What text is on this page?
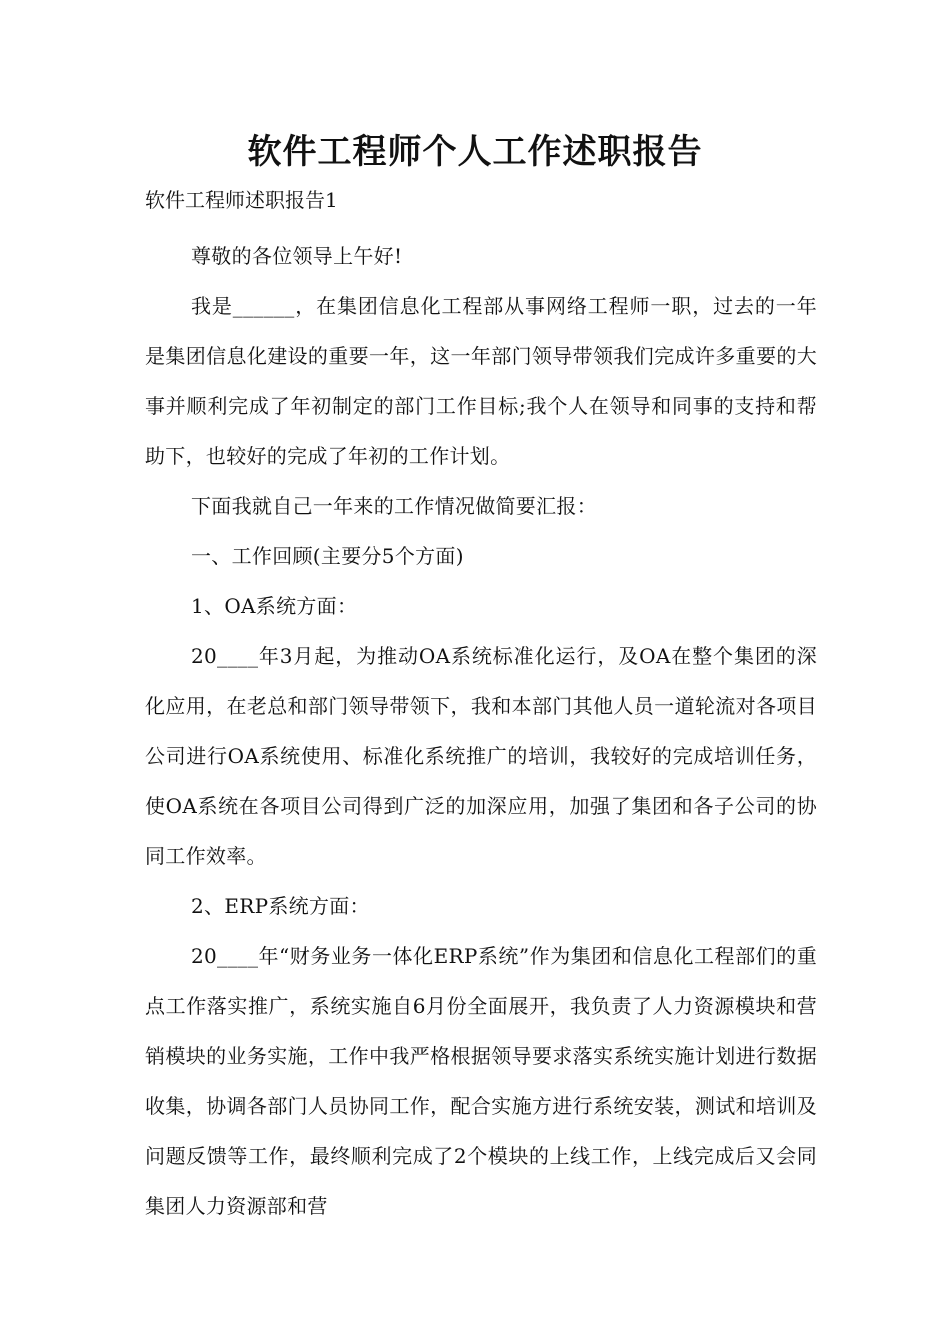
软件工程师个人工作述职报告

软件工程师述职报告1

尊敬的各位领导上午好!

我是______，在集团信息化工程部从事网络工程师一职，过去的一年是集团信息化建设的重要一年，这一年部门领导带领我们完成许多重要的大事并顺利完成了年初制定的部门工作目标;我个人在领导和同事的支持和帮助下，也较好的完成了年初的工作计划。

下面我就自己一年来的工作情况做简要汇报：

一、工作回顾(主要分5个方面)

1、OA系统方面：

20____年3月起，为推动OA系统标准化运行，及OA在整个集团的深化应用，在老总和部门领导带领下，我和本部门其他人员一道轮流对各项目公司进行OA系统使用、标准化系统推广的培训，我较好的完成培训任务，使OA系统在各项目公司得到广泛的加深应用，加强了集团和各子公司的协同工作效率。

2、ERP系统方面：

20____年“财务业务一体化ERP系统”作为集团和信息化工程部们的重点工作落实推广，系统实施自6月份全面展开，我负责了人力资源模块和营销模块的业务实施，工作中我严格根据领导要求落实系统实施计划进行数据收集，协调各部门人员协同工作，配合实施方进行系统安装，测试和培训及问题反馈等工作，最终顺利完成了2个模块的上线工作，上线完成后又会同集团人力资源部和营
